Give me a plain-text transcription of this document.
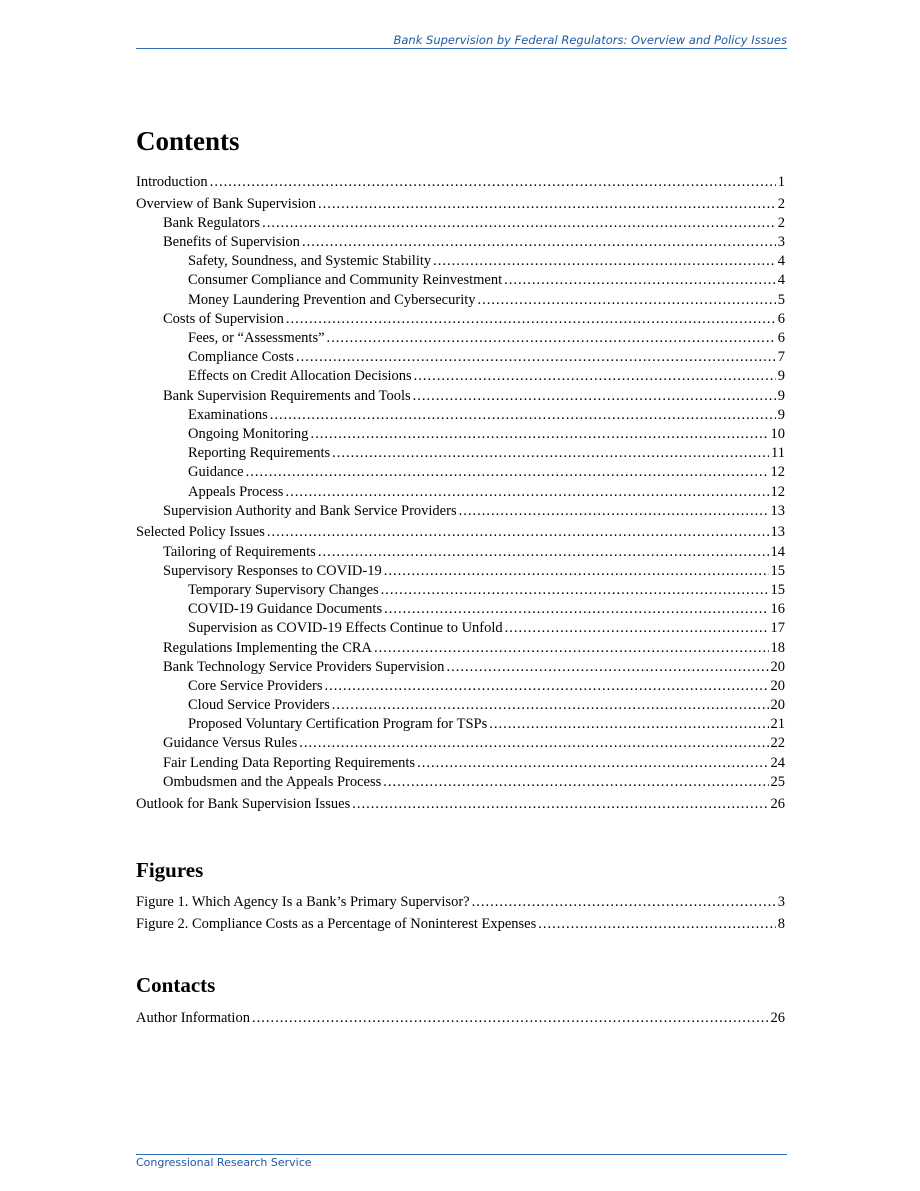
Bank Supervision by Federal Regulators: Overview and Policy Issues
Contents
Introduction .....	1
Overview of Bank Supervision .....	2
Bank Regulators .....	2
Benefits of Supervision .....	3
Safety, Soundness, and Systemic Stability .....	4
Consumer Compliance and Community Reinvestment .....	4
Money Laundering Prevention and Cybersecurity .....	5
Costs of Supervision .....	6
Fees, or “Assessments” .....	6
Compliance Costs .....	7
Effects on Credit Allocation Decisions .....	9
Bank Supervision Requirements and Tools .....	9
Examinations .....	9
Ongoing Monitoring .....	10
Reporting Requirements .....	11
Guidance .....	12
Appeals Process .....	12
Supervision Authority and Bank Service Providers .....	13
Selected Policy Issues .....	13
Tailoring of Requirements .....	14
Supervisory Responses to COVID-19 .....	15
Temporary Supervisory Changes .....	15
COVID-19 Guidance Documents .....	16
Supervision as COVID-19 Effects Continue to Unfold .....	17
Regulations Implementing the CRA .....	18
Bank Technology Service Providers Supervision .....	20
Core Service Providers .....	20
Cloud Service Providers .....	20
Proposed Voluntary Certification Program for TSPs .....	21
Guidance Versus Rules .....	22
Fair Lending Data Reporting Requirements .....	24
Ombudsmen and the Appeals Process .....	25
Outlook for Bank Supervision Issues .....	26
Figures
Figure 1. Which Agency Is a Bank’s Primary Supervisor? .....	3
Figure 2. Compliance Costs as a Percentage of Noninterest Expenses .....	8
Contacts
Author Information .....	26
Congressional Research Service
